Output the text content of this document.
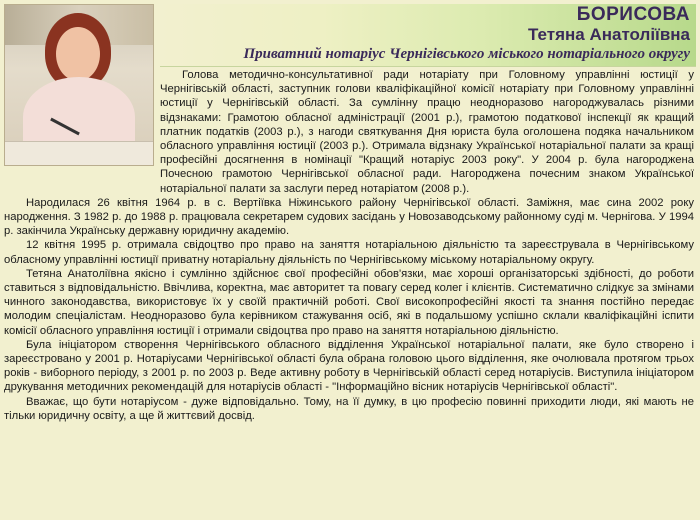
БОРИСОВА
Тетяна Анатоліївна
Приватний нотаріус Чернігівського міського нотаріального округу

Голова методично-консультативної ради нотаріату при Головному управлінні юстиції у Чернігівській області, заступник голови кваліфікаційної комісії нотаріату при Головному управлінні юстиції у Чернігівській області. За сумлінну працю неодноразово нагороджувалась різними відзнаками: Грамотою обласної адміністрації (2001 р.), грамотою податкової інспекції як кращий платник податків (2003 р.), з нагоди святкування Дня юриста була оголошена подяка начальником обласного управління юстиції (2003 р.). Отримала відзнаку Української нотаріальної палати за кращі професійні досягнення в номінації "Кращий нотаріус 2003 року". У 2004 р. була нагороджена Почесною грамотою Чернігівської обласної ради. Нагороджена почесним знаком Української нотаріальної палати за заслуги перед нотаріатом (2008 р.).

Народилася 26 квітня 1964 р. в с. Вертіївка Ніжинського району Чернігівської області. Заміжня, має сина 2002 року народження. З 1982 р. до 1988 р. працювала секретарем судових засідань у Новозаводському районному суді м. Чернігова. У 1994 р. закінчила Українську державну юридичну академію.

12 квітня 1995 р. отримала свідоцтво про право на заняття нотаріальною діяльністю та зареєструвала в Чернігівському обласному управлінні юстиції приватну нотаріальну діяльність по Чернігівському міському нотаріальному округу.

Тетяна Анатоліївна якісно і сумлінно здійснює свої професійні обов'язки, має хороші організаторські здібності, до роботи ставиться з відповідальністю. Ввічлива, коректна, має авторитет та повагу серед колег і клієнтів. Систематично слідкує за змінами чинного законодавства, використовує їх у своїй практичній роботі. Свої високопрофесійні якості та знання постійно передає молодим спеціалістам. Неодноразово була керівником стажування осіб, які в подальшому успішно склали кваліфікаційні іспити комісії обласного управління юстиції і отримали свідоцтва про право на заняття нотаріальною діяльністю.

Була ініціатором створення Чернігівського обласного відділення Української нотаріальної палати, яке було створено і зареєстровано у 2001 р. Нотаріусами Чернігівської області була обрана головою цього відділення, яке очолювала протягом трьох років - виборного періоду, з 2001 р. по 2003 р. Веде активну роботу в Чернігівській області серед нотаріусів. Виступила ініціатором друкування методичних рекомендацій для нотаріусів області - "Інформаційно вісник нотаріусів Чернігівської області".

Вважає, що бути нотаріусом - дуже відповідально. Тому, на її думку, в цю професію повинні приходити люди, які мають не тільки юридичну освіту, а ще й життєвий досвід.
